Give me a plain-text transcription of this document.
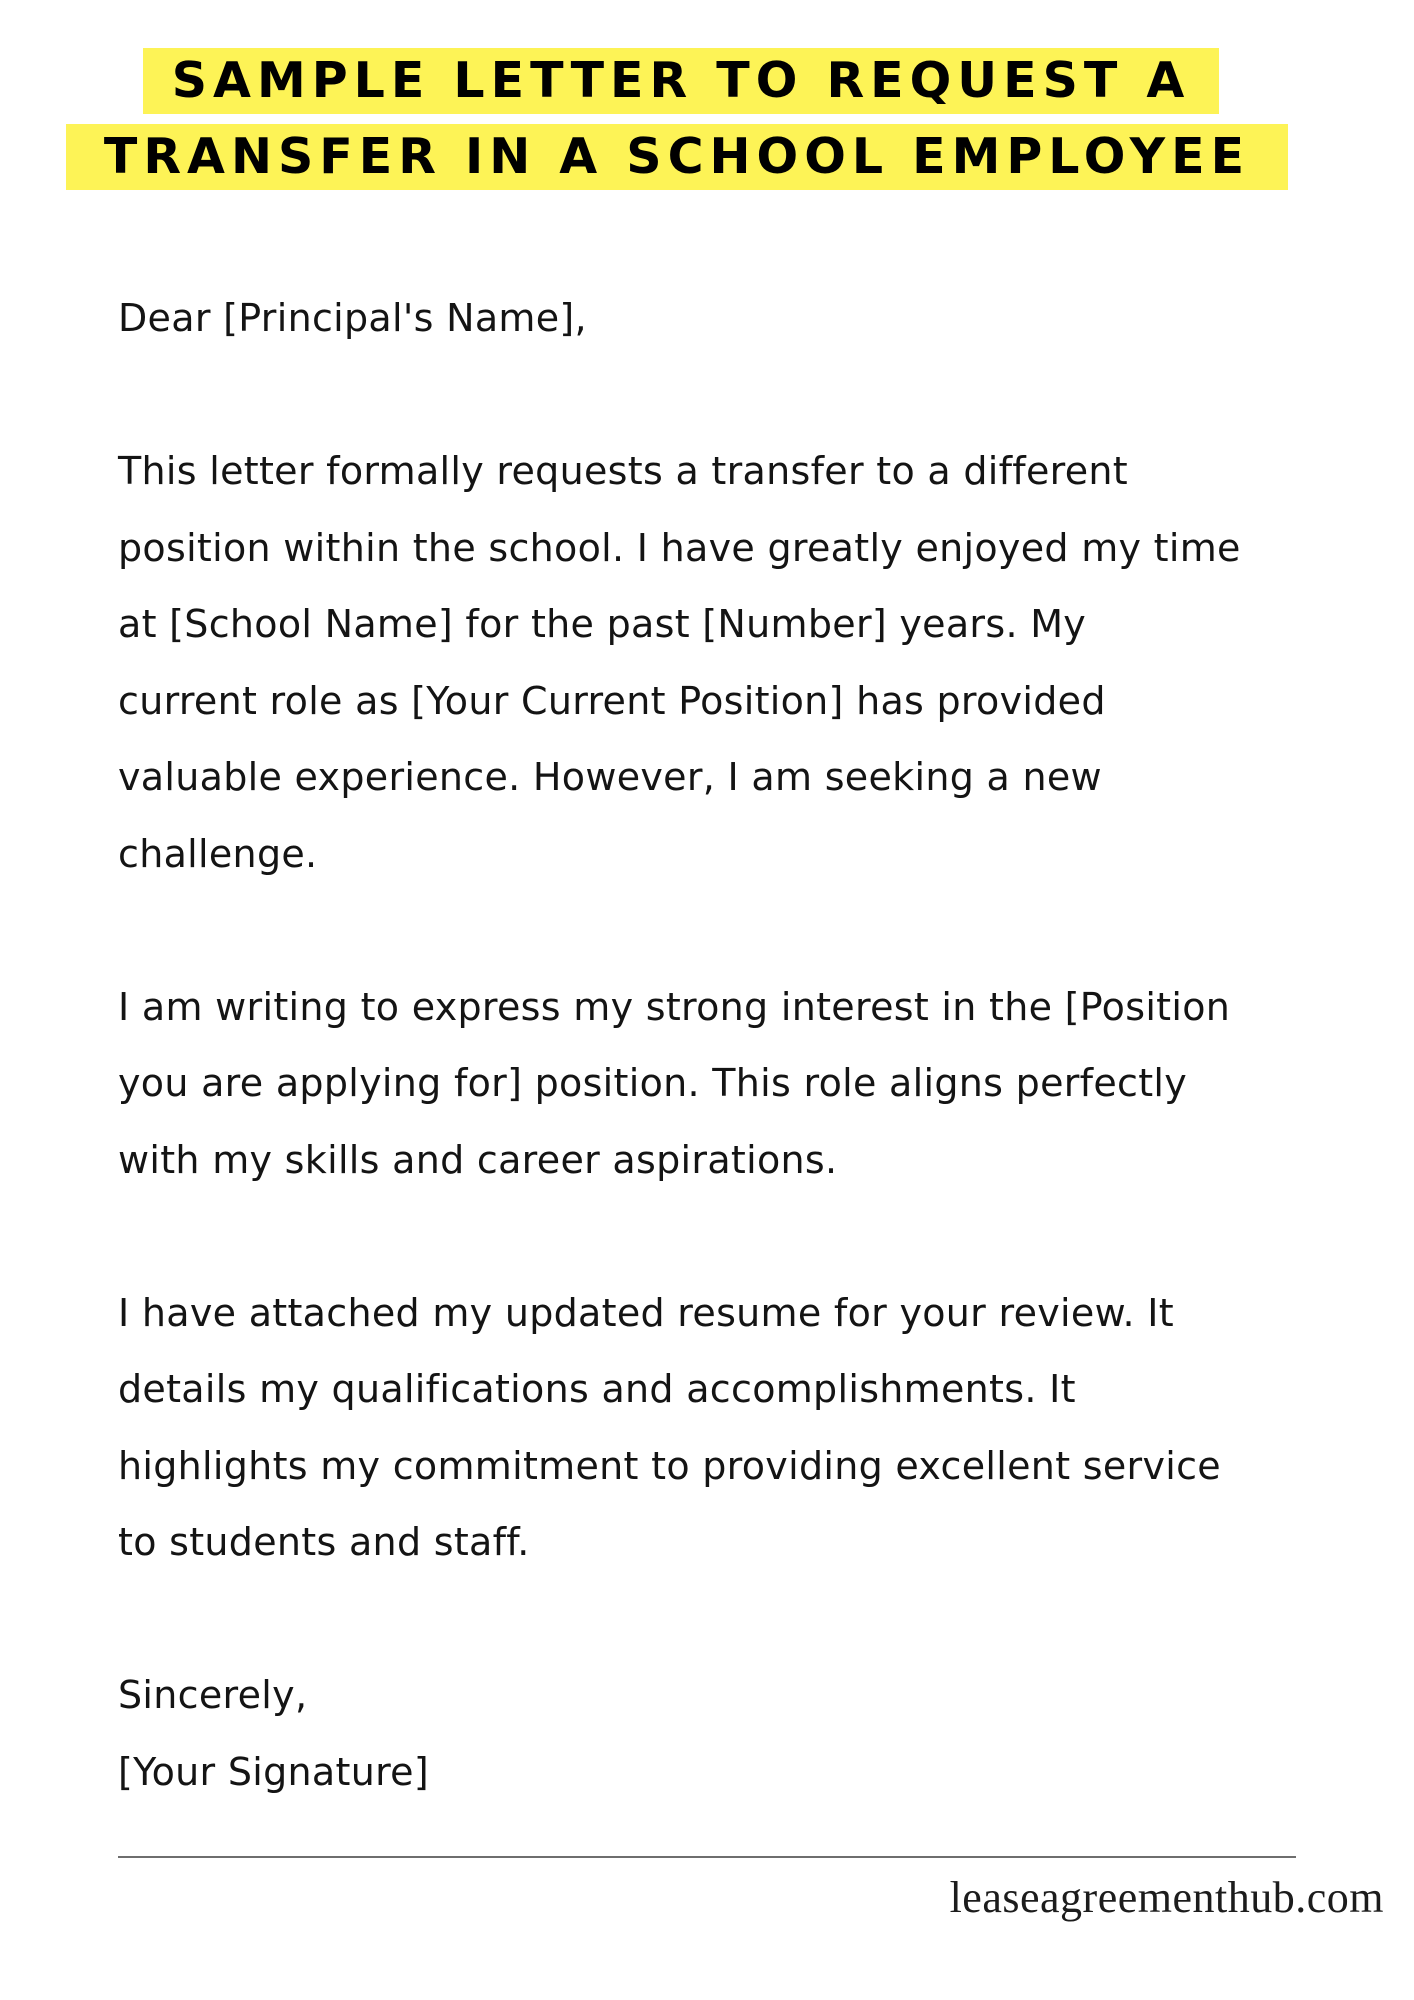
SAMPLE LETTER TO REQUEST A
TRANSFER IN A SCHOOL EMPLOYEE

Dear [Principal's Name],

This letter formally requests a transfer to a different

position within the school. I have greatly enjoyed my time

at [School Name] for the past [Number] years. My

current role as [Your Current Position] has provided

valuable experience. However, I am seeking a new

challenge.

I am writing to express my strong interest in the [Position

you are applying for] position. This role aligns perfectly

with my skills and career aspirations.

I have attached my updated resume for your review. It

details my qualifications and accomplishments. It

highlights my commitment to providing excellent service

to students and staff.

Sincerely,

[Your Signature]

leaseagreementhub.com
